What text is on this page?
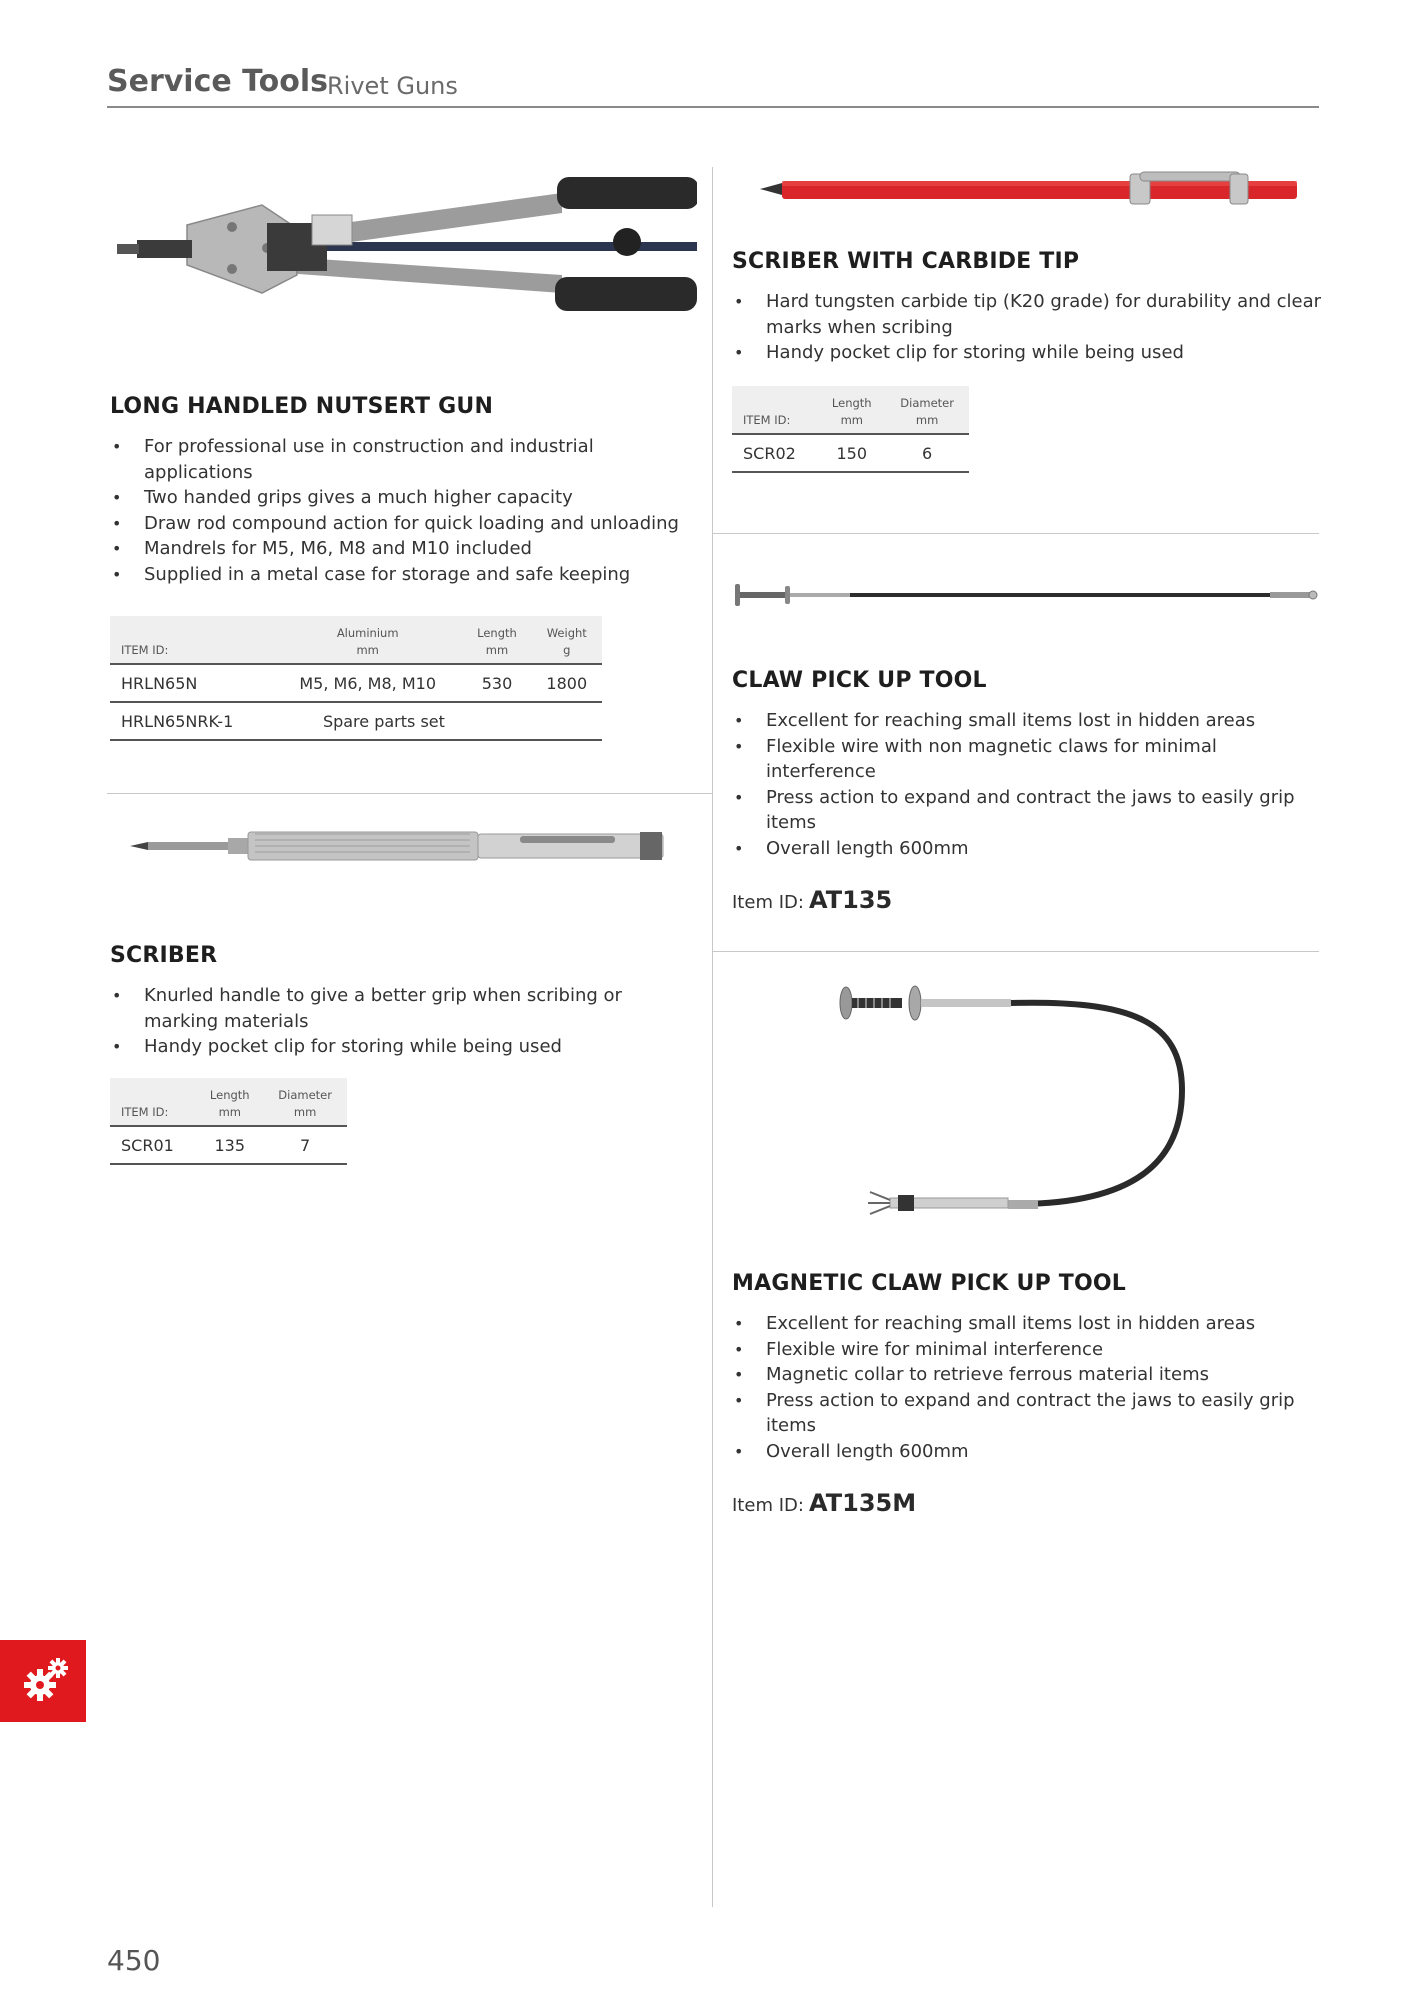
Service Tools
Rivet Guns
LONG HANDLED NUTSERT GUN
• For professional use in construction and industrial applications
• Two handed grips gives a much higher capacity
• Draw rod compound action for quick loading and unloading
• Mandrels for M5, M6, M8 and M10 included
• Supplied in a metal case for storage and safe keeping
	Aluminium	Length	Weight
ITEM ID:	mm	mm	g
HRLN65N	M5, M6, M8, M10	530	1800
HRLN65NRK-1	Spare parts set		
SCRIBER
• Knurled handle to give a better grip when scribing or marking materials
• Handy pocket clip for storing while being used
	Length	Diameter
ITEM ID:	mm	mm
SCR01	135	7
SCRIBER WITH CARBIDE TIP
• Hard tungsten carbide tip (K20 grade) for durability and clear marks when scribing
• Handy pocket clip for storing while being used
	Length	Diameter
ITEM ID:	mm	mm
SCR02	150	6
CLAW PICK UP TOOL
• Excellent for reaching small items lost in hidden areas
• Flexible wire with non magnetic claws for minimal interference
• Press action to expand and contract the jaws to easily grip items
• Overall length 600mm
Item ID: AT135
MAGNETIC CLAW PICK UP TOOL
• Excellent for reaching small items lost in hidden areas
• Flexible wire for minimal interference
• Magnetic collar to retrieve ferrous material items
• Press action to expand and contract the jaws to easily grip items
• Overall length 600mm
Item ID: AT135M
450
